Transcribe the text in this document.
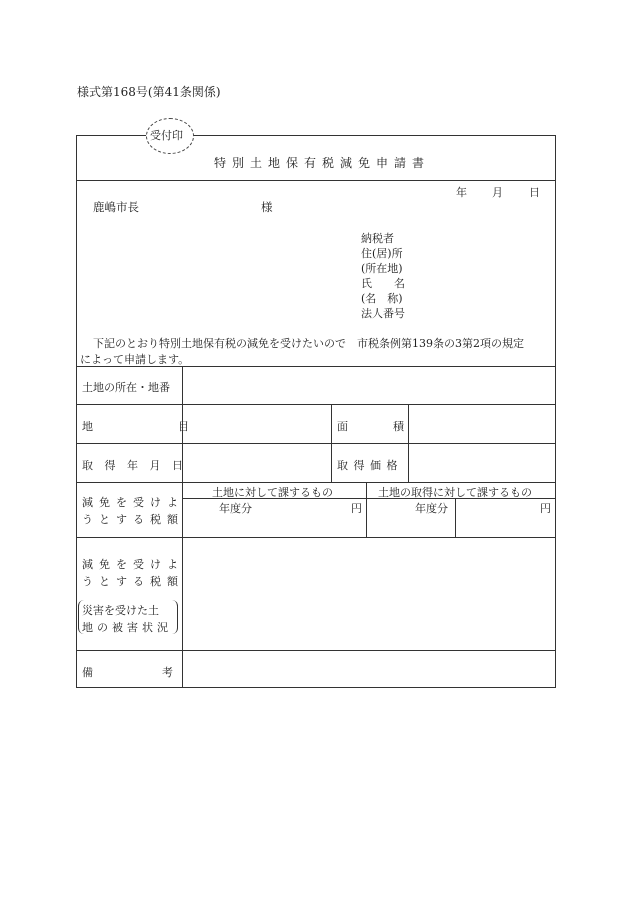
様式第168号(第41条関係)
受付印
特別土地保有税減免申請書
年 月 日
鹿嶋市長	様
納税者
住(居)所
(所在地)
氏　　名
(名　称)
法人番号
下記のとおり特別土地保有税の減免を受けたいので　市税条例第139条の3第2項の規定
によって申請します。
土地の所在・地番
地　　　　　目	面　　　積
取 得 年 月 日	取 得 価 格
減免を受けよ
うとする税額
土地に対して課するもの	土地の取得に対して課するもの
年度分	円	年度分	円
減免を受けよ
うとする税額
災害を受けた土
地の被害状況
備　　　　考
